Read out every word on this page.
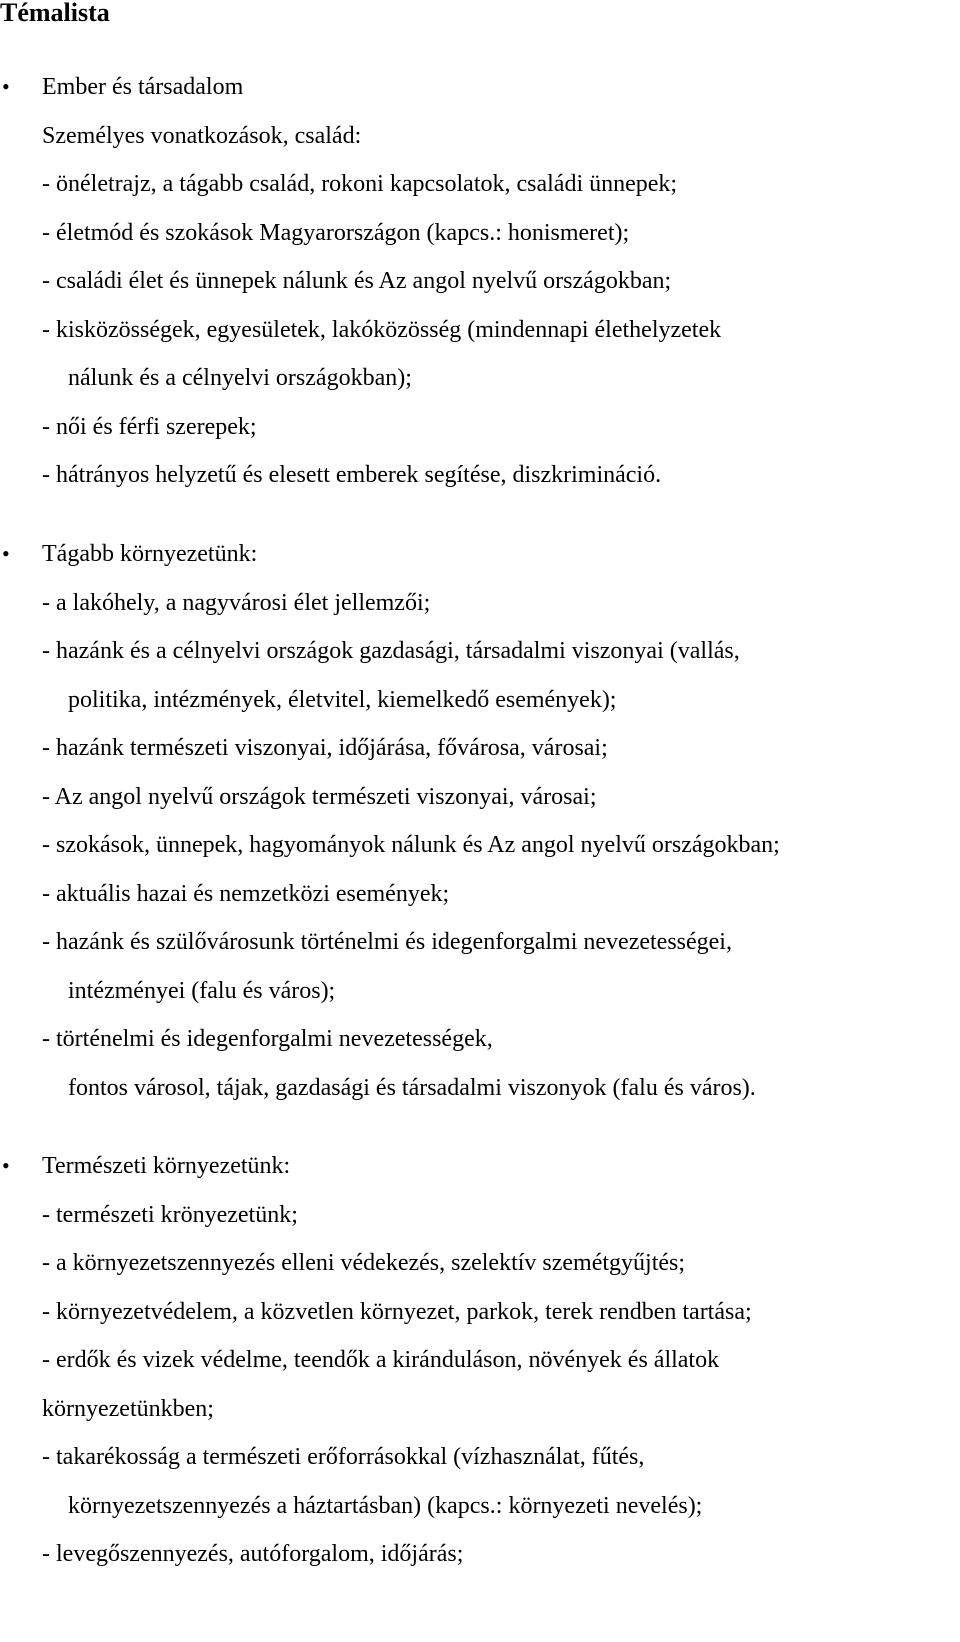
Témalista
• Ember és társadalom
Személyes vonatkozások, család:
- önéletrajz, a tágabb család, rokoni kapcsolatok, családi ünnepek;
- életmód és szokások Magyarországon (kapcs.: honismeret);
- családi élet és ünnepek nálunk és Az angol nyelvű országokban;
- kisközösségek, egyesületek, lakóközösség (mindennapi élethelyzetek
nálunk és a célnyelvi országokban);
- női és férfi szerepek;
- hátrányos helyzetű és elesett emberek segítése, diszkrimináció.
• Tágabb környezetünk:
- a lakóhely, a nagyvárosi élet jellemzői;
- hazánk és a célnyelvi országok gazdasági, társadalmi viszonyai (vallás,
politika, intézmények, életvitel, kiemelkedő események);
- hazánk természeti viszonyai, időjárása, fővárosa, városai;
- Az angol nyelvű országok természeti viszonyai, városai;
- szokások, ünnepek, hagyományok nálunk és Az angol nyelvű országokban;
- aktuális hazai és nemzetközi események;
- hazánk és szülővárosunk történelmi és idegenforgalmi nevezetességei,
intézményei (falu és város);
- történelmi és idegenforgalmi nevezetességek,
fontos városol, tájak, gazdasági és társadalmi viszonyok (falu és város).
• Természeti környezetünk:
- természeti krönyezetünk;
- a környezetszennyezés elleni védekezés, szelektív szemétgyűjtés;
- környezetvédelem, a közvetlen környezet, parkok, terek rendben tartása;
- erdők és vizek védelme, teendők a kiránduláson, növények és állatok
környezetünkben;
- takarékosság a természeti erőforrásokkal (vízhasználat, fűtés,
környezetszennyezés a háztartásban) (kapcs.: környezeti nevelés);
- levegőszennyezés, autóforgalom, időjárás;
